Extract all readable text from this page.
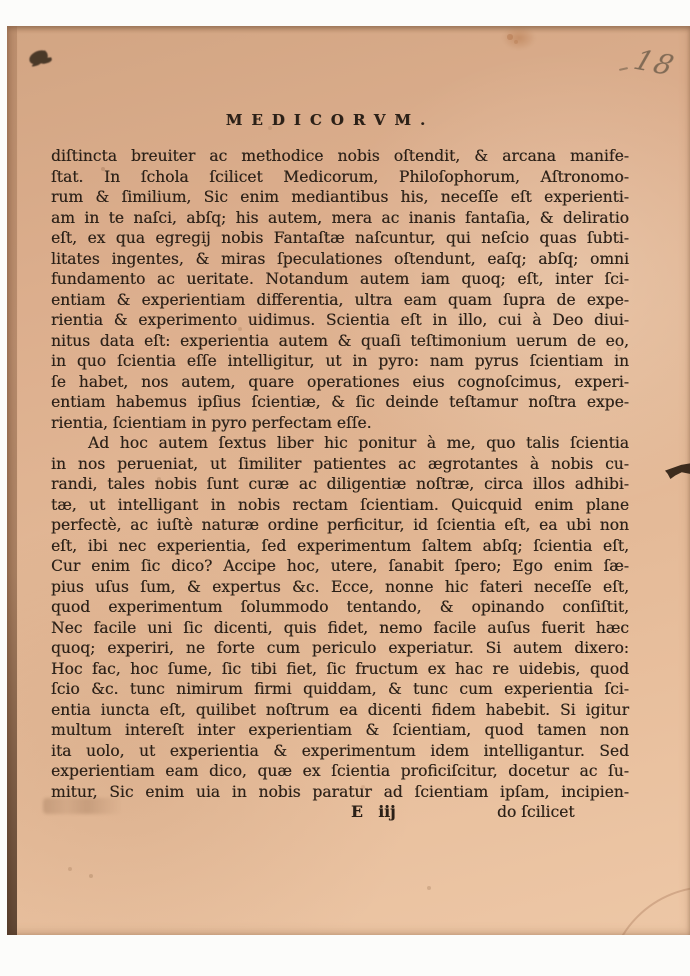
18
MEDICORVM.
diſtincta breuiter ac methodice nobis oſtendit, & arcana manife-
ſtat. In ſchola ſcilicet Medicorum, Philoſophorum, Aſtronomo-
rum & ſimilium, Sic enim mediantibus his, neceſſe eſt experienti-
am in te naſci, abſq; his autem, mera ac inanis fantaſia, & deliratio
eſt, ex qua egregij nobis Fantaſtæ naſcuntur, qui neſcio quas ſubti-
litates ingentes, & miras ſpeculationes oſtendunt, eaſq; abſq; omni
fundamento ac ueritate. Notandum autem iam quoq; eſt, inter ſci-
entiam & experientiam differentia, ultra eam quam ſupra de expe-
rientia & experimento uidimus. Scientia eſt in illo, cui à Deo diui-
nitus data eſt: experientia autem & quaſi teſtimonium uerum de eo,
in quo ſcientia eſſe intelligitur, ut in pyro: nam pyrus ſcientiam in
ſe habet, nos autem, quare operationes eius cognoſcimus, experi-
entiam habemus ipſius ſcientiæ, & ſic deinde teſtamur noſtra expe-
rientia, ſcientiam in pyro perfectam eſſe.
Ad hoc autem ſextus liber hic ponitur à me, quo talis ſcientia
in nos perueniat, ut ſimiliter patientes ac ægrotantes à nobis cu-
randi, tales nobis ſunt curæ ac diligentiæ noſtræ, circa illos adhibi-
tæ, ut intelligant in nobis rectam ſcientiam. Quicquid enim plane
perfectè, ac iuſtè naturæ ordine perficitur, id ſcientia eſt, ea ubi non
eſt, ibi nec experientia, ſed experimentum ſaltem abſq; ſcientia eſt,
Cur enim ſic dico? Accipe hoc, utere, ſanabit ſpero; Ego enim ſæ-
pius uſus ſum, & expertus &c. Ecce, nonne hic fateri neceſſe eſt,
quod experimentum ſolummodo tentando, & opinando conſiſtit,
Nec facile uni ſic dicenti, quis fidet, nemo facile auſus fuerit hæc
quoq; experiri, ne forte cum periculo experiatur. Si autem dixero:
Hoc fac, hoc ſume, ſic tibi fiet, ſic fructum ex hac re uidebis, quod
ſcio &c. tunc nimirum firmi quiddam, & tunc cum experientia ſci-
entia iuncta eſt, quilibet noſtrum ea dicenti fidem habebit. Si igitur
multum intereſt inter experientiam & ſcientiam, quod tamen non
ita uolo, ut experientia & experimentum idem intelligantur. Sed
experientiam eam dico, quæ ex ſcientia proficiſcitur, docetur ac ſu-
mitur, Sic enim uia in nobis paratur ad ſcientiam ipſam, incipien-
E iij	do ſcilicet
